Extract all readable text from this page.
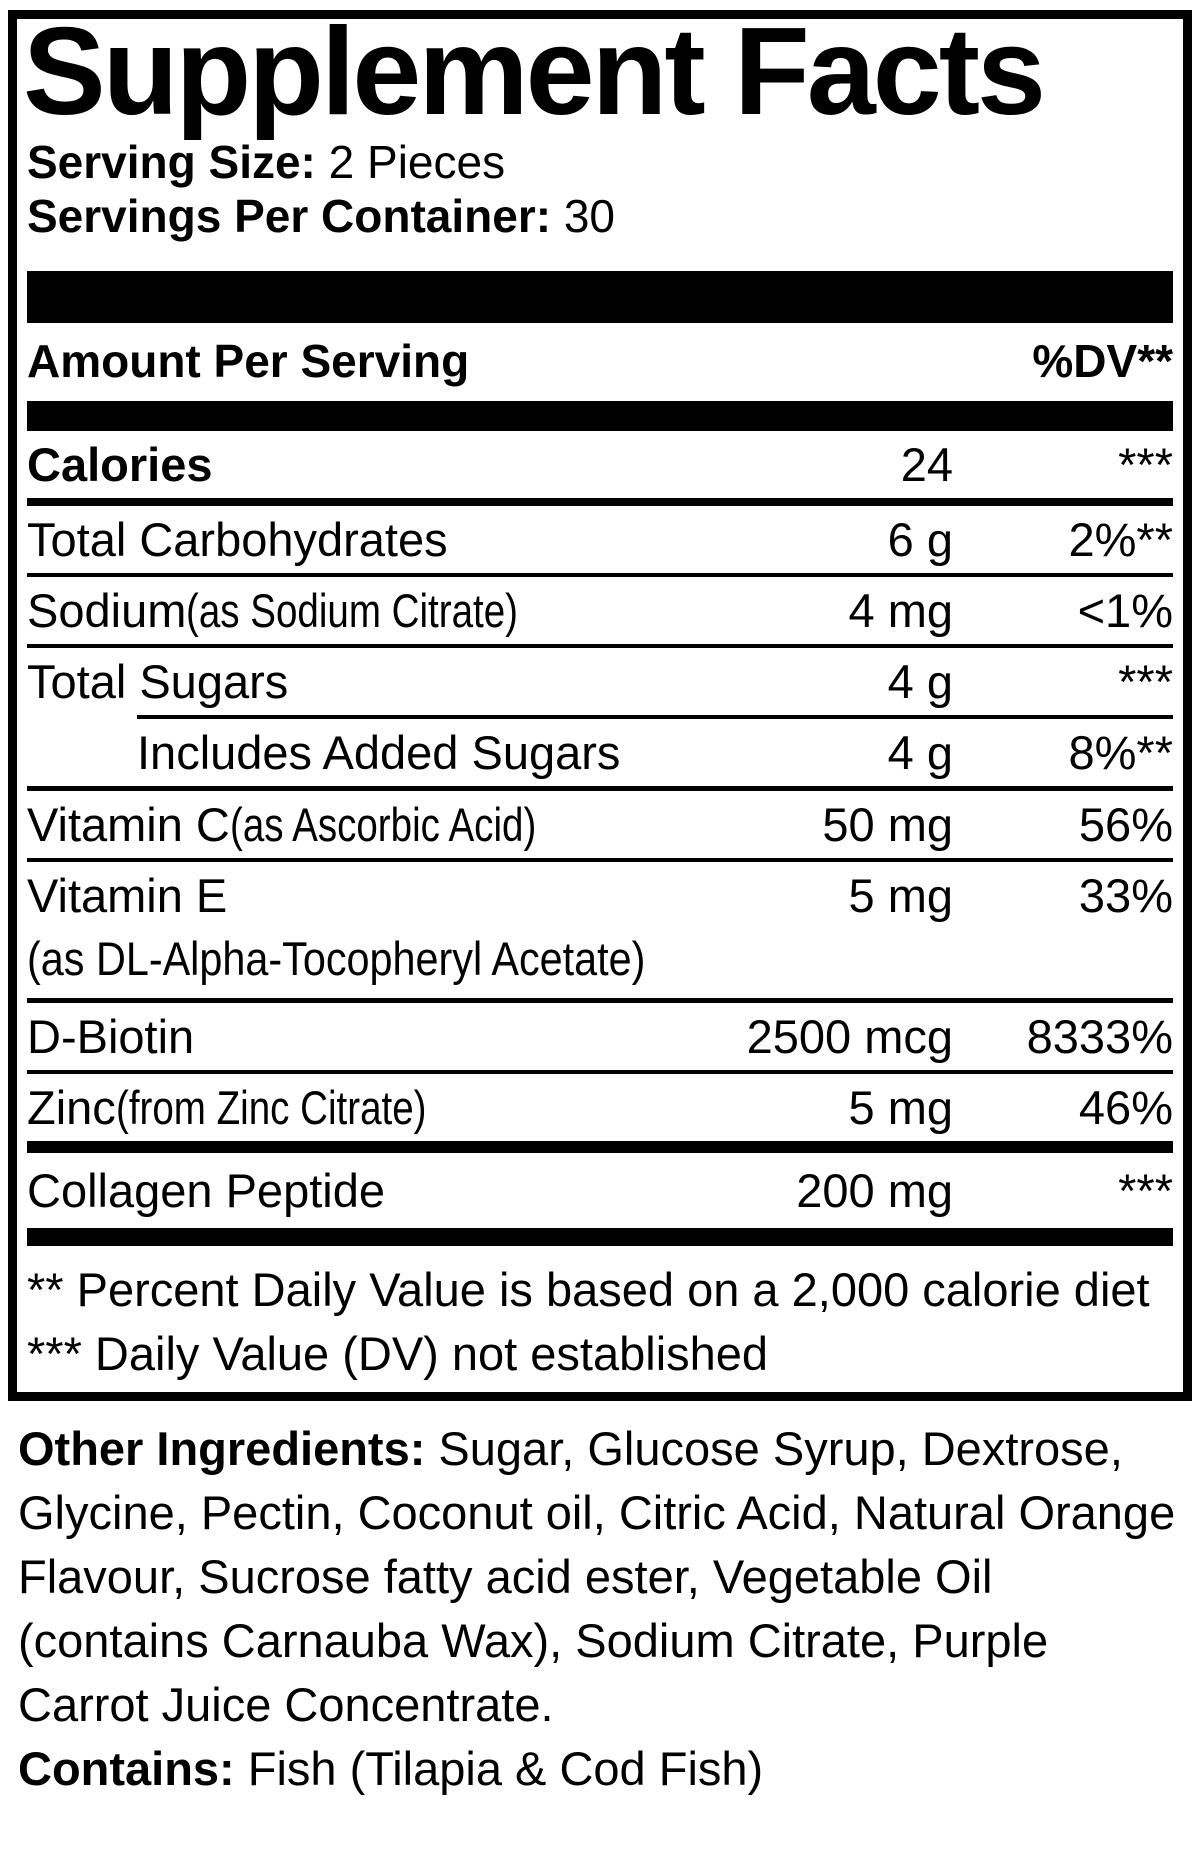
Supplement Facts
Serving Size: 2 Pieces
Servings Per Container: 30
Amount Per Serving	%DV**
Calories	24	***
Total Carbohydrates	6 g	2%**
Sodium(as Sodium Citrate)	4 mg	<1%
Total Sugars	4 g	***
Includes Added Sugars	4 g	8%**
Vitamin C(as Ascorbic Acid)	50 mg	56%
Vitamin E	5 mg	33%
(as DL-Alpha-Tocopheryl Acetate)
D-Biotin	2500 mcg	8333%
Zinc(from Zinc Citrate)	5 mg	46%
Collagen Peptide	200 mg	***
** Percent Daily Value is based on a 2,000 calorie diet
*** Daily Value (DV) not established

Other Ingredients: Sugar, Glucose Syrup, Dextrose, Glycine, Pectin, Coconut oil, Citric Acid, Natural Orange Flavour, Sucrose fatty acid ester, Vegetable Oil (contains Carnauba Wax), Sodium Citrate, Purple Carrot Juice Concentrate.

Contains: Fish (Tilapia & Cod Fish)
